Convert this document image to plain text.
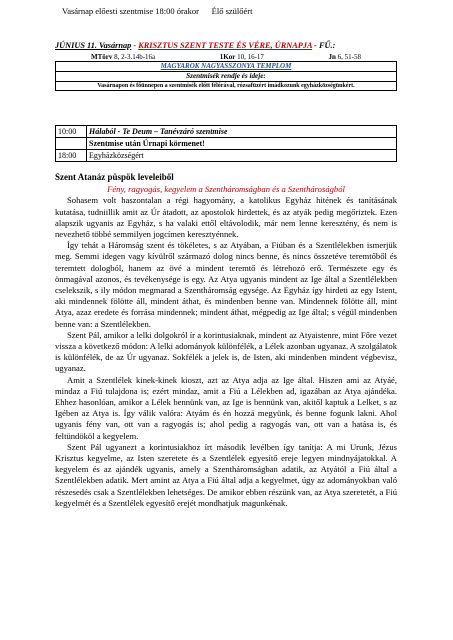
Vasárnap előesti szentmise 18:00 órakor      Élő szülőért
JÚNIUS 11. Vasárnap - KRISZTUS SZENT TESTE ÉS VÉRE, ÚRNAPJA - FŰ.:
MTörv 8, 2-3.14b-16a	1Kor 10, 16-17	Jn 6, 51-58
MAGYAROK NAGYASSZONYA TEMPLOM
Szentmisék rendje és ideje:
Vasárnapon és főünnepen a szentmisék előtt félórával, rózsafüzért imádkozunk egyházközségünkért.
10:00	Hálaból - Te Deum – Tanévzáró szentmise
	Szentmise után Úrnapi körmenet!
18:00	Egyházközségért
Szent Atanáz püspök leveleiből
Fény, ragyogás, kegyelem a Szentháromságban és a Szenthároságból

Sohasem volt haszontalan a régi hagyomány, a katolikus Egyház hitének és tanításának kutatása, tudniillik amit az Úr átadott, az apostolok hirdettek, és az atyák pedig megőriztek. Ezen alapszik ugyanis az Egyház, s ha valaki ettől eltávolodik, már nem lenne keresztény, és nem is nevezhető többé semmilyen jogcímen keresztyénnek.

Így tehát a Háromság szent és tökéletes, s az Atyában, a Fiúban és a Szentlélekben ismerjük meg. Semmi idegen vagy kívülről származó dolog nincs benne, és nincs összetéve teremtőből és teremtett dologból, hanem az övé a mindent teremtő és létrehozó erő. Természete egy és önmagával azonos, és tevékenysége is egy. Az Atya ugyanis mindent az Ige által a Szentlélekben cselekszik, s ily módon megmarad a Szentháromság egysége. Az Egyház így hirdeti az egy Istent, aki mindennek fölötte áll, mindent áthat, és mindenben benne van. Mindennek fölötte áll, mint Atya, azaz eredete és forrása mindennek; mindent áthat, mégpedig az Ige által; s végül mindenben benne van: a Szentlélekben.

Szent Pál, amikor a lelki dolgokról ír a korintusiaknak, mindent az Atyaistenre, mint Főre vezet vissza a következő módon: A lelki adományok különfélék, a Lélek azonban ugyanaz. A szolgálatok is különfélék, de az Úr ugyanaz. Sokfélék a jelek is, de Isten, aki mindenben mindent végbevisz, ugyanaz.

Amit a Szentlélek kinek-kinek kioszt, azt az Atya adja az Ige által. Hiszen ami az Atyáé, mindaz a Fiú tulajdona is; ezért mindaz, amit a Fiú a Lélekben ad, igazában az Atya ajándéka. Ehhez hasonlóan, amikor a Lélek bennünk van, az Ige is bennünk van, akitől kaptuk a Lelket, s az Igében az Atya is. Így válik valóra: Atyám és én hozzá megyünk, és benne fogunk lakni. Ahol ugyanis fény van, ott van a ragyogás is; ahol pedig a ragyogás van, ott van a hatása is, és feltündököl a kegyelem.

Szent Pál ugyanezt a korintusiakhoz írt második levélben így tanítja: A mi Urunk, Jézus Krisztus kegyelme, az Isten szeretete és a Szentlélek egyesítő ereje legyen mindnyájatokkal. A kegyelem és az ajándék ugyanis, amely a Szentháromságban adatik, az Atyától a Fiú által a Szentlélekben adatik. Mert amint az Atya a Fiú által adja a kegyelmet, úgy az adományokban való részesedés csak a Szentlélekben lehetséges. De amikor ebben részünk van, az Atya szeretetét, a Fiú kegyelmét és a Szentlélek egyesítő erejét mondhatjuk magunkénak.
